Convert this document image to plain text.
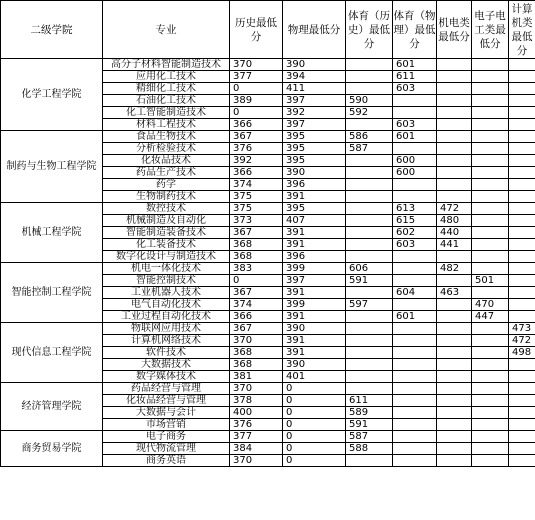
二级学院	专业	历史最低分	物理最低分	体育（历史）最低分	体育（物理）最低分	机电类最低分	电子电工类最低分	计算机类最低分
化学工程学院	高分子材料智能制造技术	370	390		601			
	应用化工技术	377	394		611			
	精细化工技术	0	411		603			
	石油化工技术	389	397	590				
	化工智能制造技术	0	392	592				
	材料工程技术	366	397		603			
制药与生物工程学院	食品生物技术	367	395	586	601			
	分析检验技术	376	395	587				
	化妆品技术	392	395		600			
	药品生产技术	366	390		600			
	药学	374	396					
	生物制药技术	375	391					
机械工程学院	数控技术	375	395		613	472		
	机械制造及自动化	373	407		615	480		
	智能制造装备技术	367	391		602	440		
	化工装备技术	368	391		603	441		
	数字化设计与制造技术	368	396					
智能控制工程学院	机电一体化技术	383	399	606		482		
	智能控制技术	0	397	591			501	
	工业机器人技术	367	391		604	463		
	电气自动化技术	374	399	597			470	
	工业过程自动化技术	366	391		601		447	
现代信息工程学院	物联网应用技术	367	390					473
	计算机网络技术	370	391					472
	软件技术	368	391					498
	大数据技术	368	390					
	数字媒体技术	381	401					
经济管理学院	药品经营与管理	370	0					
	化妆品经营与管理	378	0	611				
	大数据与会计	400	0	589				
	市场营销	376	0	591				
商务贸易学院	电子商务	377	0	587				
	现代物流管理	384	0	588				
	商务英语	370	0					
